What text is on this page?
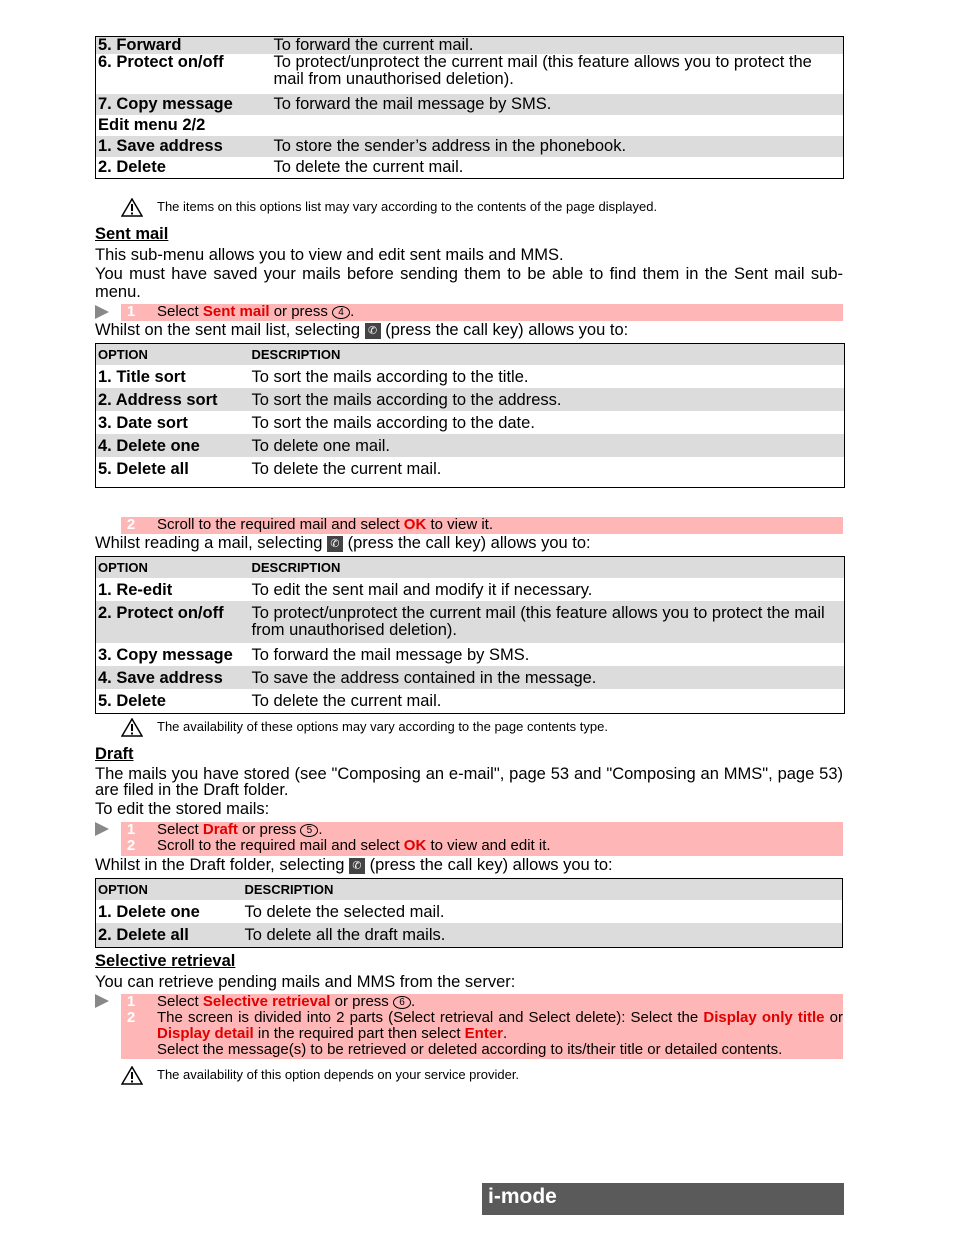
5. Forward	To forward the current mail.
6. Protect on/off	To protect/unprotect the current mail (this feature allows you to protect the mail from unauthorised deletion).
7. Copy message	To forward the mail message by SMS.
Edit menu 2/2	
1. Save address	To store the sender’s address in the phonebook.
2. Delete	To delete the current mail.
The items on this options list may vary according to the contents of the page displayed.
Sent mail
This sub-menu allows you to view and edit sent mails and MMS.
You must have saved your mails before sending them to be able to find them in the Sent mail sub-menu.
1	Select Sent mail or press 4 .
Whilst on the sent mail list, selecting ✆ (press the call key) allows you to:
OPTION	DESCRIPTION
1. Title sort	To sort the mails according to the title.
2. Address sort	To sort the mails according to the address.
3. Date sort	To sort the mails according to the date.
4. Delete one	To delete one mail.
5. Delete all	To delete the current mail.
2	Scroll to the required mail and select OK to view it.
Whilst reading a mail, selecting ✆ (press the call key) allows you to:
OPTION	DESCRIPTION
1. Re-edit	To edit the sent mail and modify it if necessary.
2. Protect on/off	To protect/unprotect the current mail (this feature allows you to protect the mail from unauthorised deletion).
3. Copy message	To forward the mail message by SMS.
4. Save address	To save the address contained in the message.
5. Delete	To delete the current mail.
The availability of these options may vary according to the page contents type.
Draft
The mails you have stored (see "Composing an e-mail", page 53 and "Composing an MMS", page 53) are filed in the Draft folder.
To edit the stored mails:
1	Select Draft or press 5 .
2	Scroll to the required mail and select OK to view and edit it.
Whilst in the Draft folder, selecting ✆ (press the call key) allows you to:
OPTION	DESCRIPTION
1. Delete one	To delete the selected mail.
2. Delete all	To delete all the draft mails.
Selective retrieval
You can retrieve pending mails and MMS from the server:
1	Select Selective retrieval or press 6 .
2	The screen is divided into 2 parts (Select retrieval and Select delete): Select the Display only title or Display detail in the required part then select Enter.
Select the message(s) to be retrieved or deleted according to its/their title or detailed contents.
The availability of this option depends on your service provider.
i-mode
